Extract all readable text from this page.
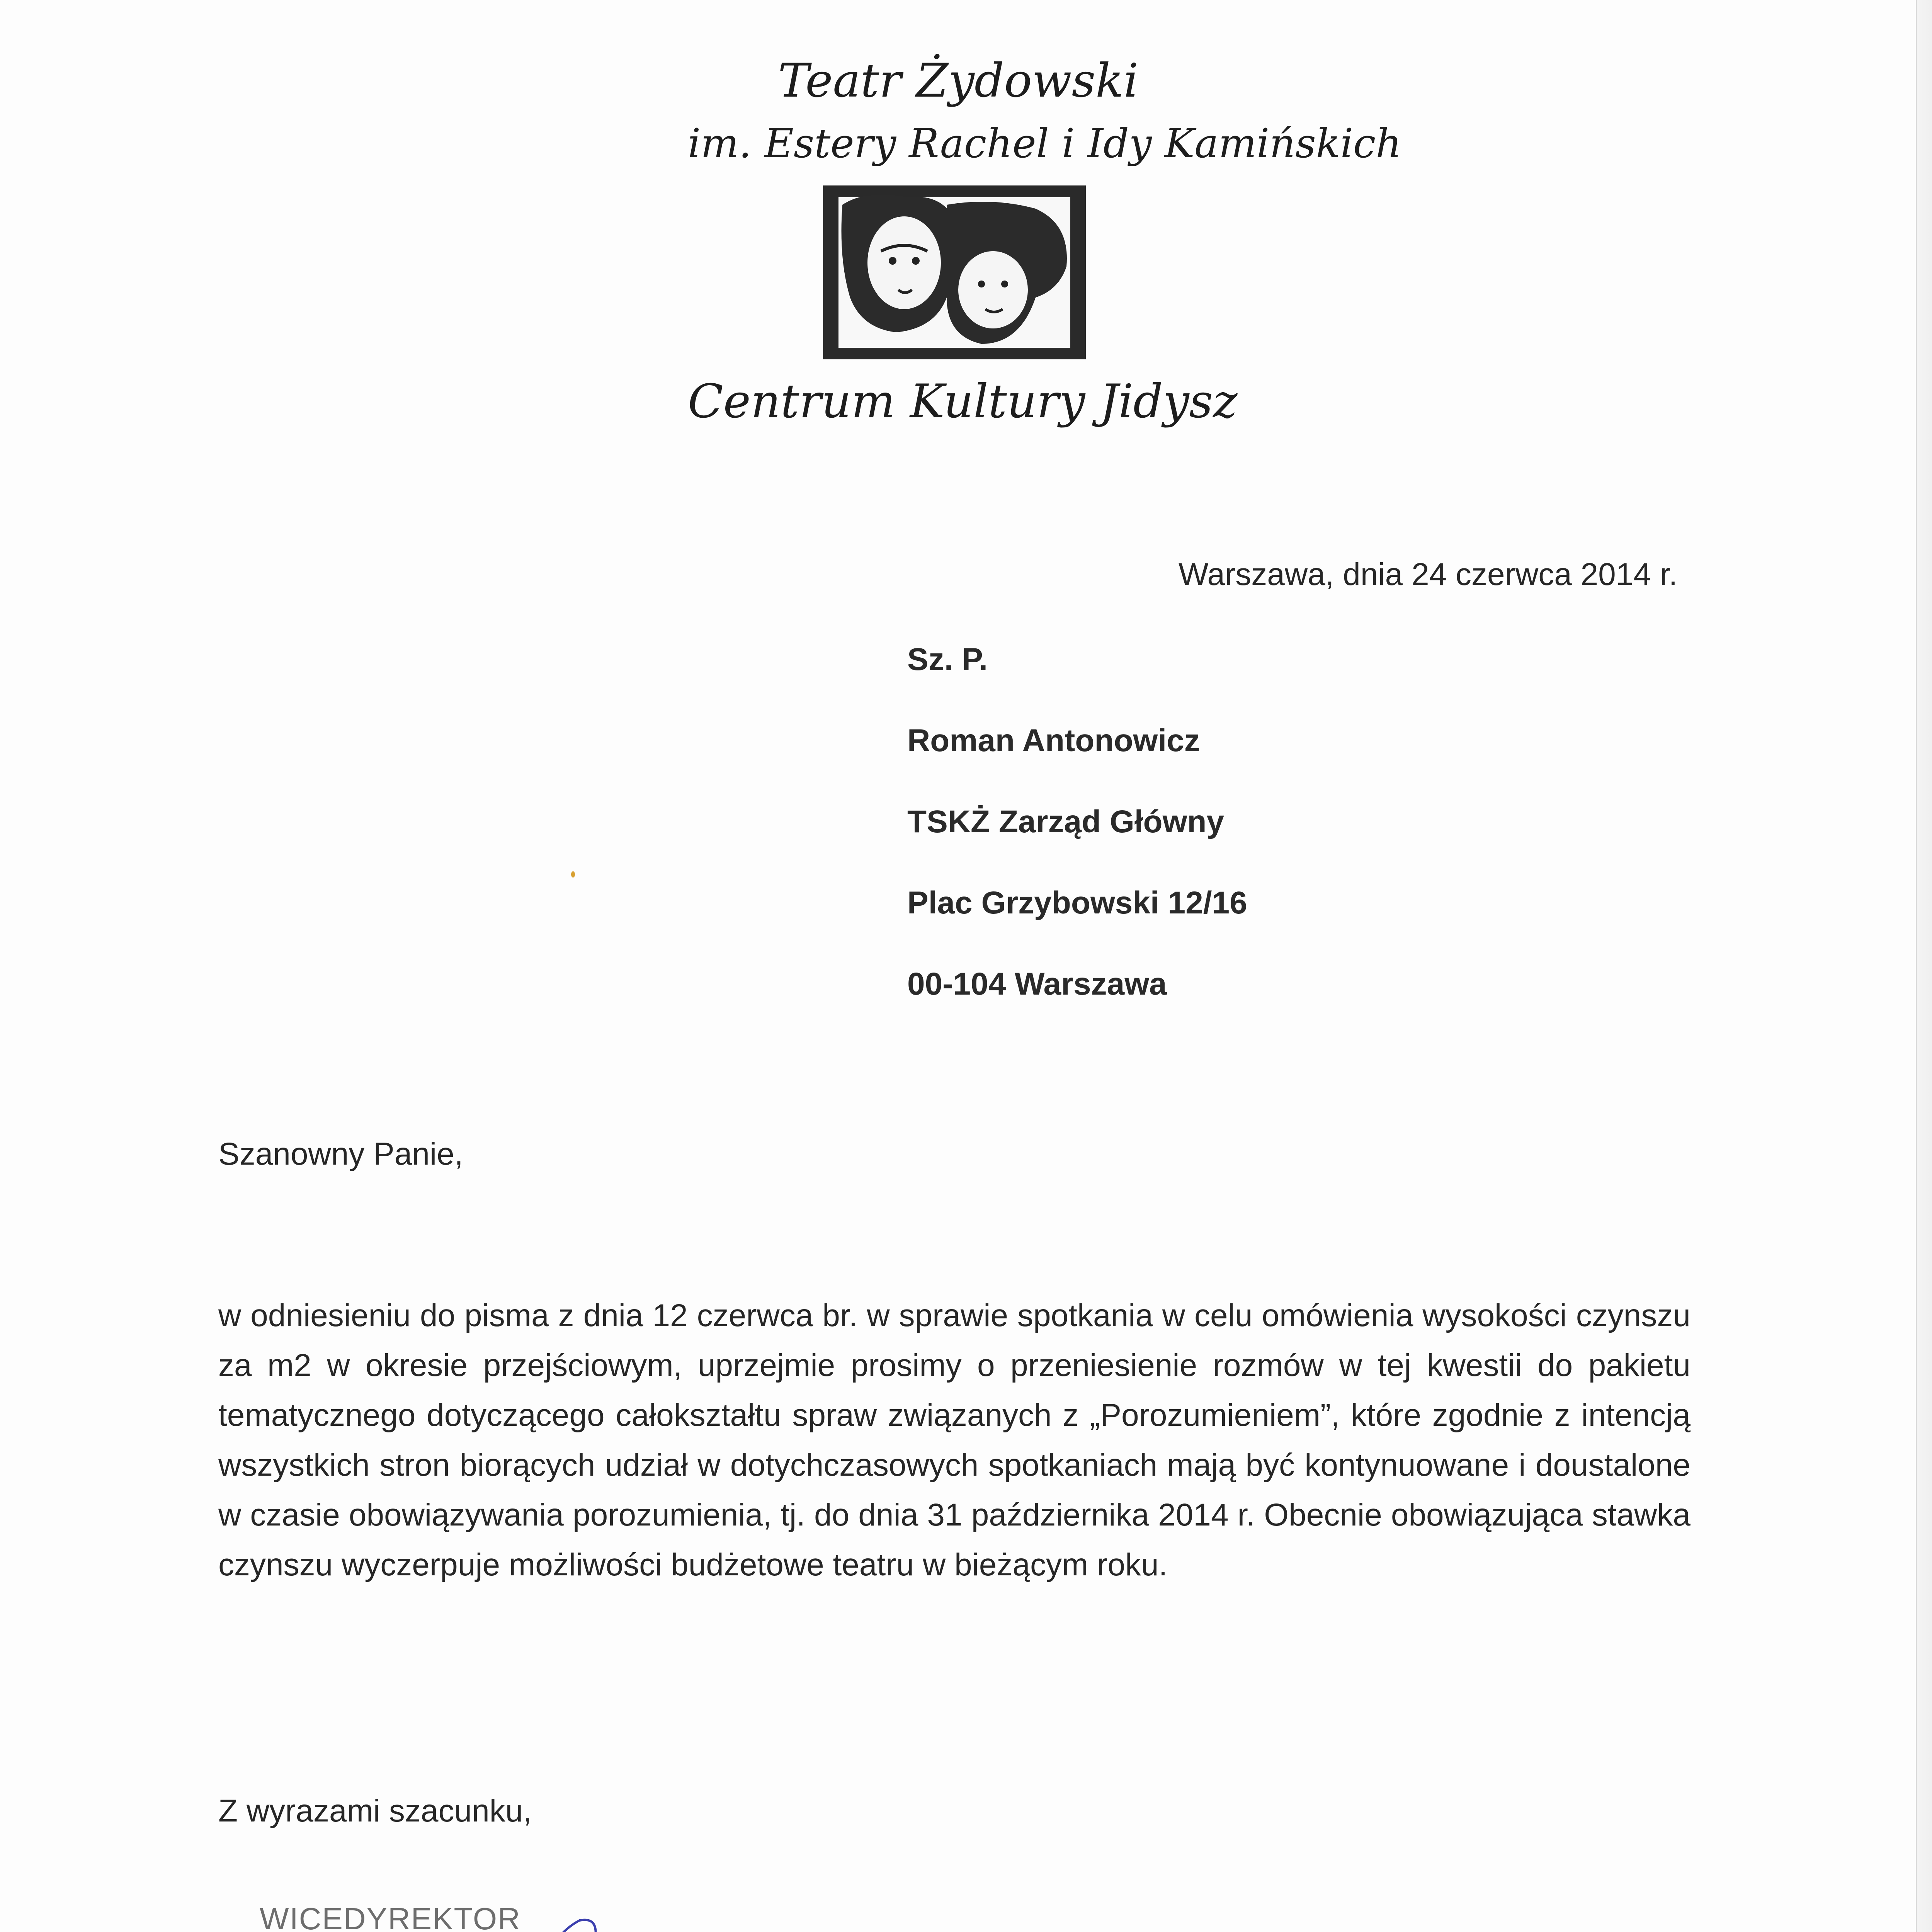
Teatr Żydowski
im. Estery Rachel i Idy Kamińskich
Centrum Kultury Jidysz
Warszawa, dnia 24 czerwca 2014 r.
Sz. P.
Roman Antonowicz
TSKŻ Zarząd Główny
Plac Grzybowski 12/16
00-104 Warszawa
Szanowny Panie,
w odniesieniu do pisma z dnia 12 czerwca br. w sprawie spotkania w celu omówienia wysokości czynszu za m2 w okresie przejściowym, uprzejmie prosimy o przeniesienie rozmów w tej kwestii do pakietu tematycznego dotyczącego całokształtu spraw związanych z „Porozumieniem”, które zgodnie z intencją wszystkich stron biorących udział w dotychczasowych spotkaniach mają być kontynuowane i doustalone w czasie obowiązywania porozumienia, tj. do dnia 31 października 2014 r. Obecnie obowiązująca stawka czynszu wyczerpuje możliwości budżetowe teatru w bieżącym roku.
Z wyrazami szacunku,
WICEDYREKTOR
